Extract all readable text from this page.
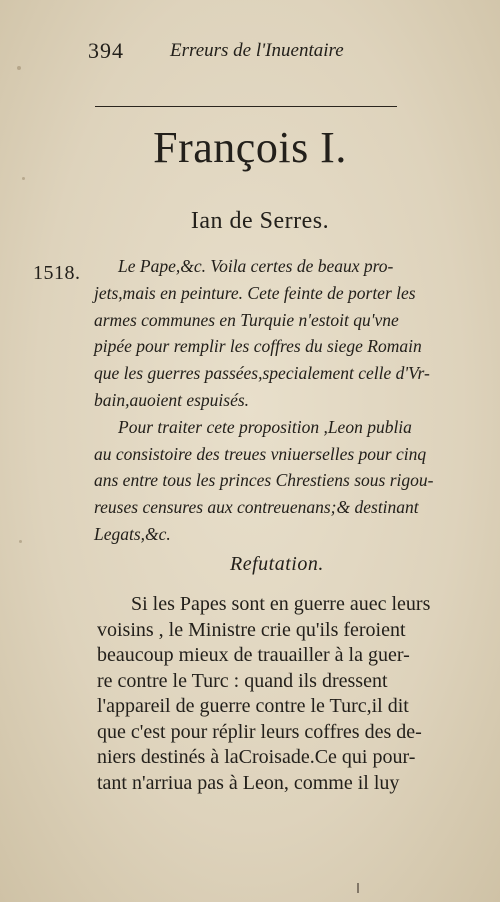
394 Erreurs de l'Inuentaire
François I.
Ian de Serres.
1518.	Le Pape,&c. Voila certes de beaux pro-
jets,mais en peinture. Cete feinte de porter les
armes communes en Turquie n'estoit qu'vne
pipée pour remplir les coffres du siege Romain
que les guerres passées,specialement celle d'Vr-
bain,auoient espuisés.
Pour traiter cete proposition ,Leon publia
au consistoire des treues vniuerselles pour cinq
ans entre tous les princes Chrestiens sous rigou-
reuses censures aux contreuenans;& destinant
Legats,&c.
Refutation.
Si les Papes sont en guerre auec leurs
voisins , le Ministre crie qu'ils feroient
beaucoup mieux de trauailler à la guer-
re contre le Turc : quand ils dressent
l'appareil de guerre contre le Turc,il dit
que c'est pour réplir leurs coffres des de-
niers destinés à laCroisade.Ce qui pour-
tant n'arriua pas à Leon, comme il luy
